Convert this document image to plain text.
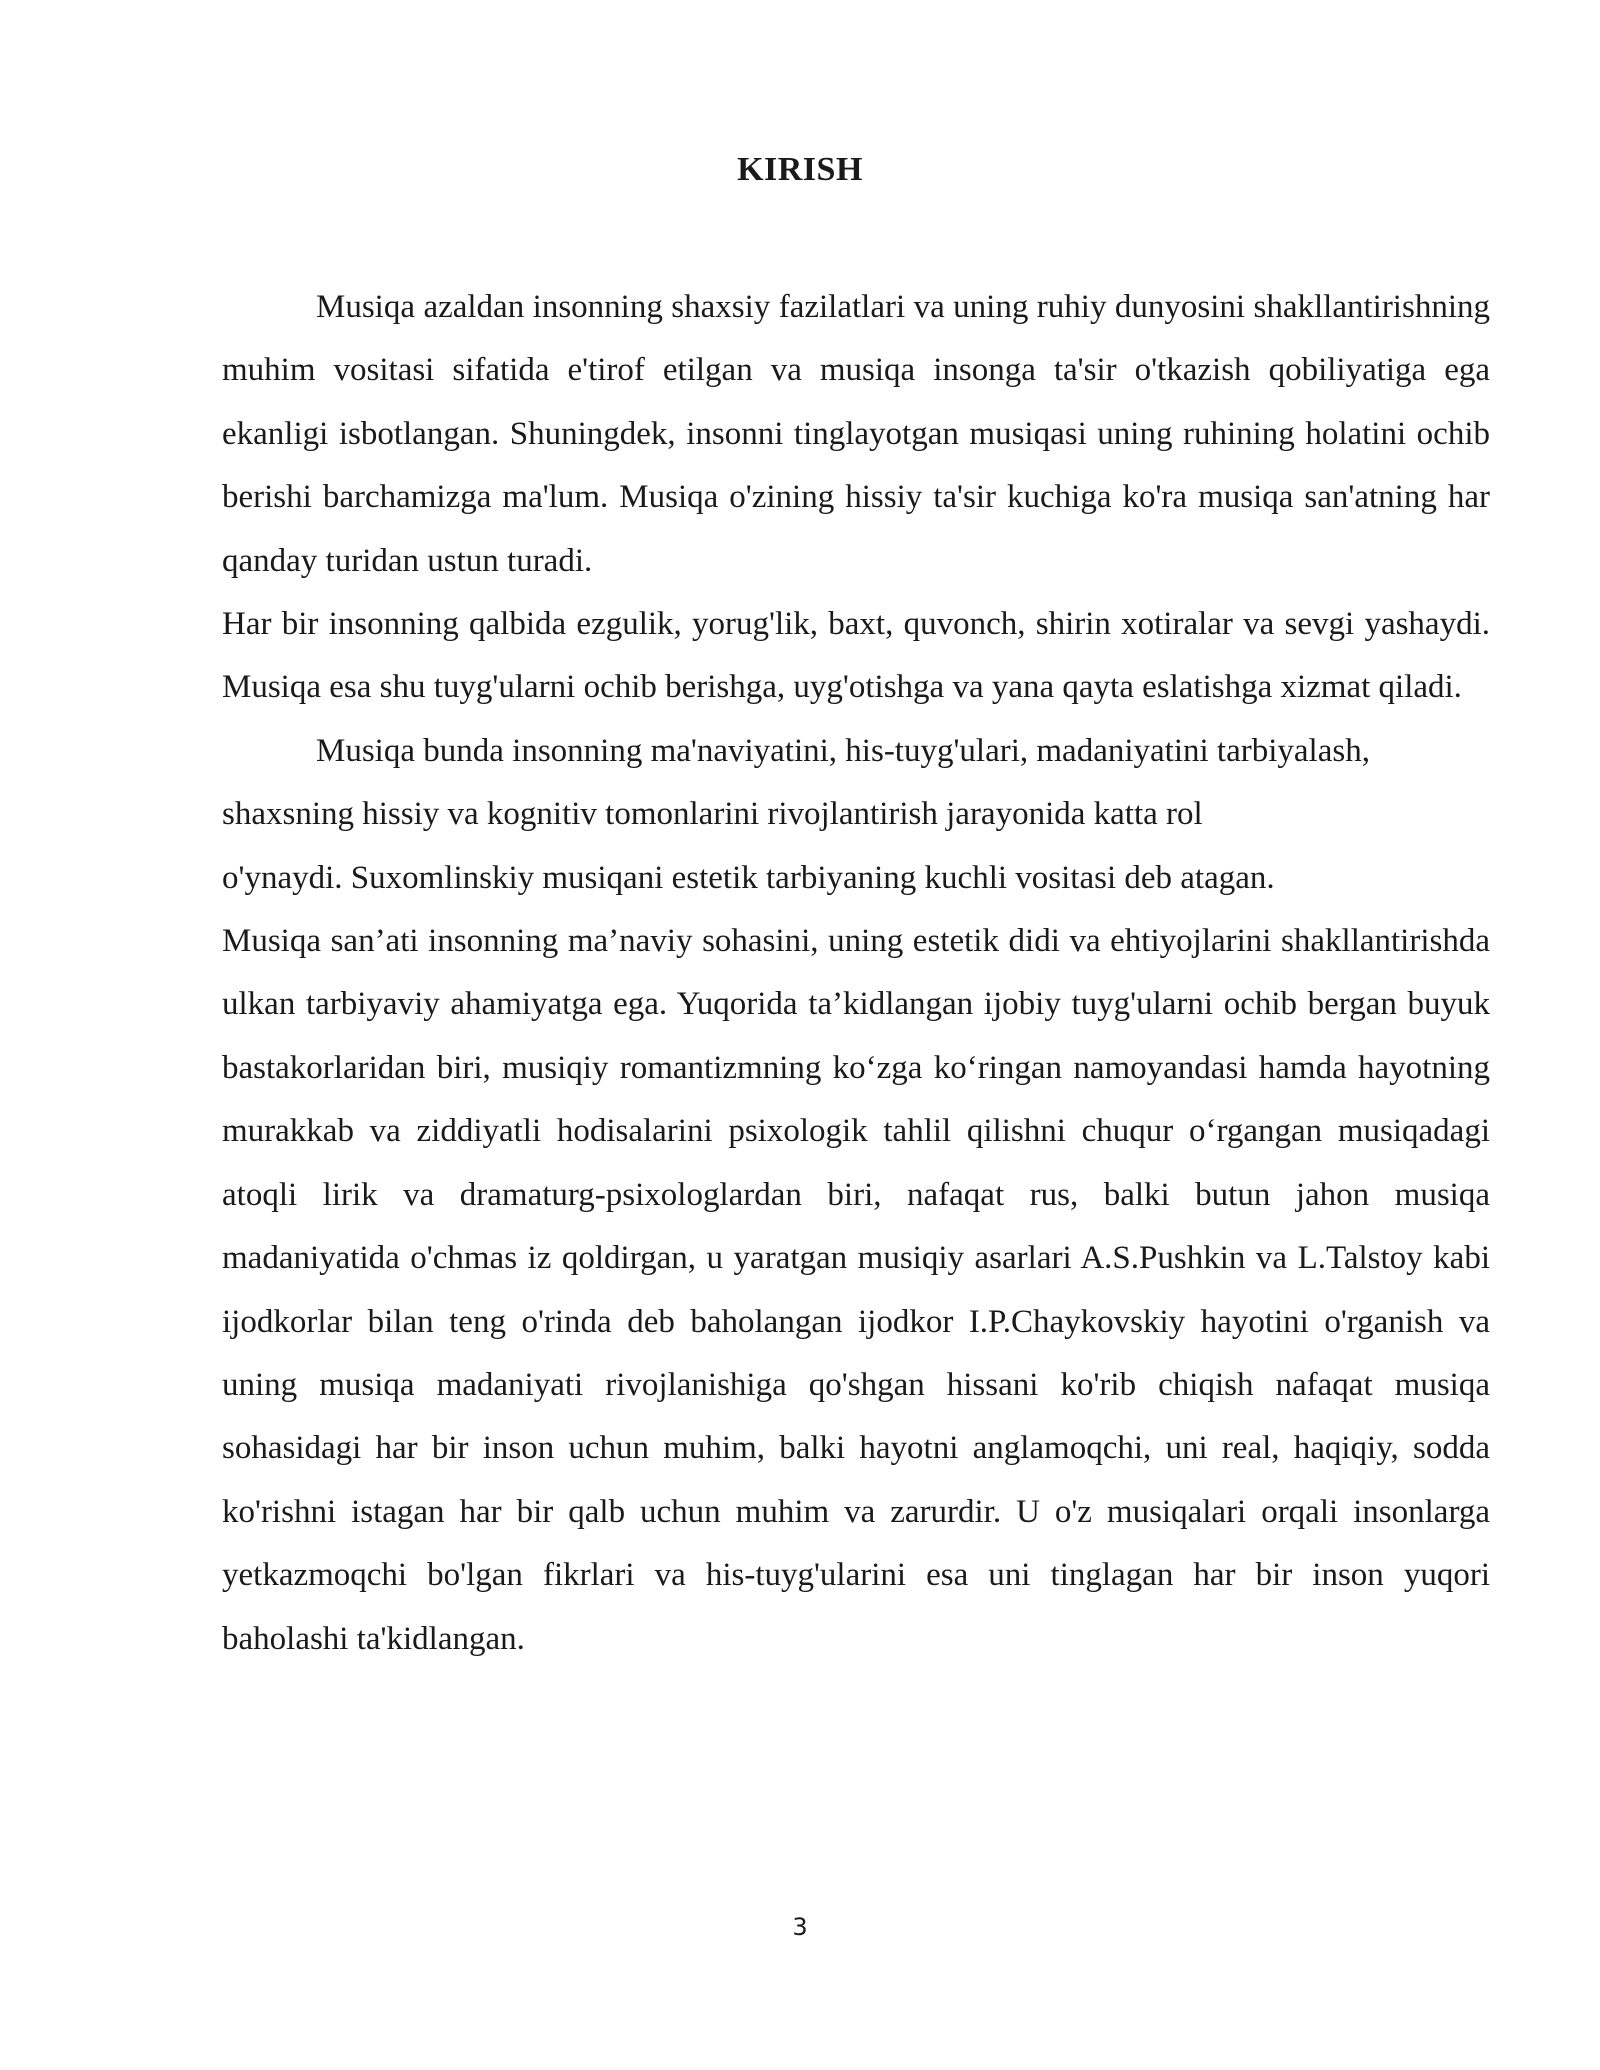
KIRISH

Musiqa azaldan insonning shaxsiy fazilatlari va uning ruhiy dunyosini shakllantirishning muhim vositasi sifatida e'tirof etilgan va musiqa insonga ta'sir o'tkazish qobiliyatiga ega ekanligi isbotlangan. Shuningdek, insonni tinglayotgan musiqasi uning ruhining holatini ochib berishi barchamizga ma'lum. Musiqa o'zining hissiy ta'sir kuchiga ko'ra musiqa san'atning har qanday turidan ustun turadi.

Har bir insonning qalbida ezgulik, yorug'lik, baxt, quvonch, shirin xotiralar va sevgi yashaydi. Musiqa esa shu tuyg'ularni ochib berishga, uyg'otishga va yana qayta eslatishga xizmat qiladi.

Musiqa bunda insonning ma'naviyatini, his-tuyg'ulari, madaniyatini tarbiyalash,
shaxsning hissiy va kognitiv tomonlarini rivojlantirish jarayonida katta rol
o'ynaydi. Suxomlinskiy musiqani estetik tarbiyaning kuchli vositasi deb atagan.

Musiqa san’ati insonning ma’naviy sohasini, uning estetik didi va ehtiyojlarini shakllantirishda ulkan tarbiyaviy ahamiyatga ega. Yuqorida ta’kidlangan ijobiy tuyg'ularni ochib bergan buyuk bastakorlaridan biri, musiqiy romantizmning ko‘zga ko‘ringan namoyandasi hamda hayotning murakkab va ziddiyatli hodisalarini psixologik tahlil qilishni chuqur o‘rgangan musiqadagi atoqli lirik va dramaturg-psixologlardan biri, nafaqat rus, balki butun jahon musiqa madaniyatida o'chmas iz qoldirgan, u yaratgan musiqiy asarlari A.S.Pushkin va L.Talstoy kabi ijodkorlar bilan teng o'rinda deb baholangan ijodkor I.P.Chaykovskiy hayotini o'rganish va uning musiqa madaniyati rivojlanishiga qo'shgan hissani ko'rib chiqish nafaqat musiqa sohasidagi har bir inson uchun muhim, balki hayotni anglamoqchi, uni real, haqiqiy, sodda ko'rishni istagan har bir qalb uchun muhim va zarurdir. U o'z musiqalari orqali insonlarga yetkazmoqchi bo'lgan fikrlari va his-tuyg'ularini esa uni tinglagan har bir inson yuqori baholashi ta'kidlangan.

3
